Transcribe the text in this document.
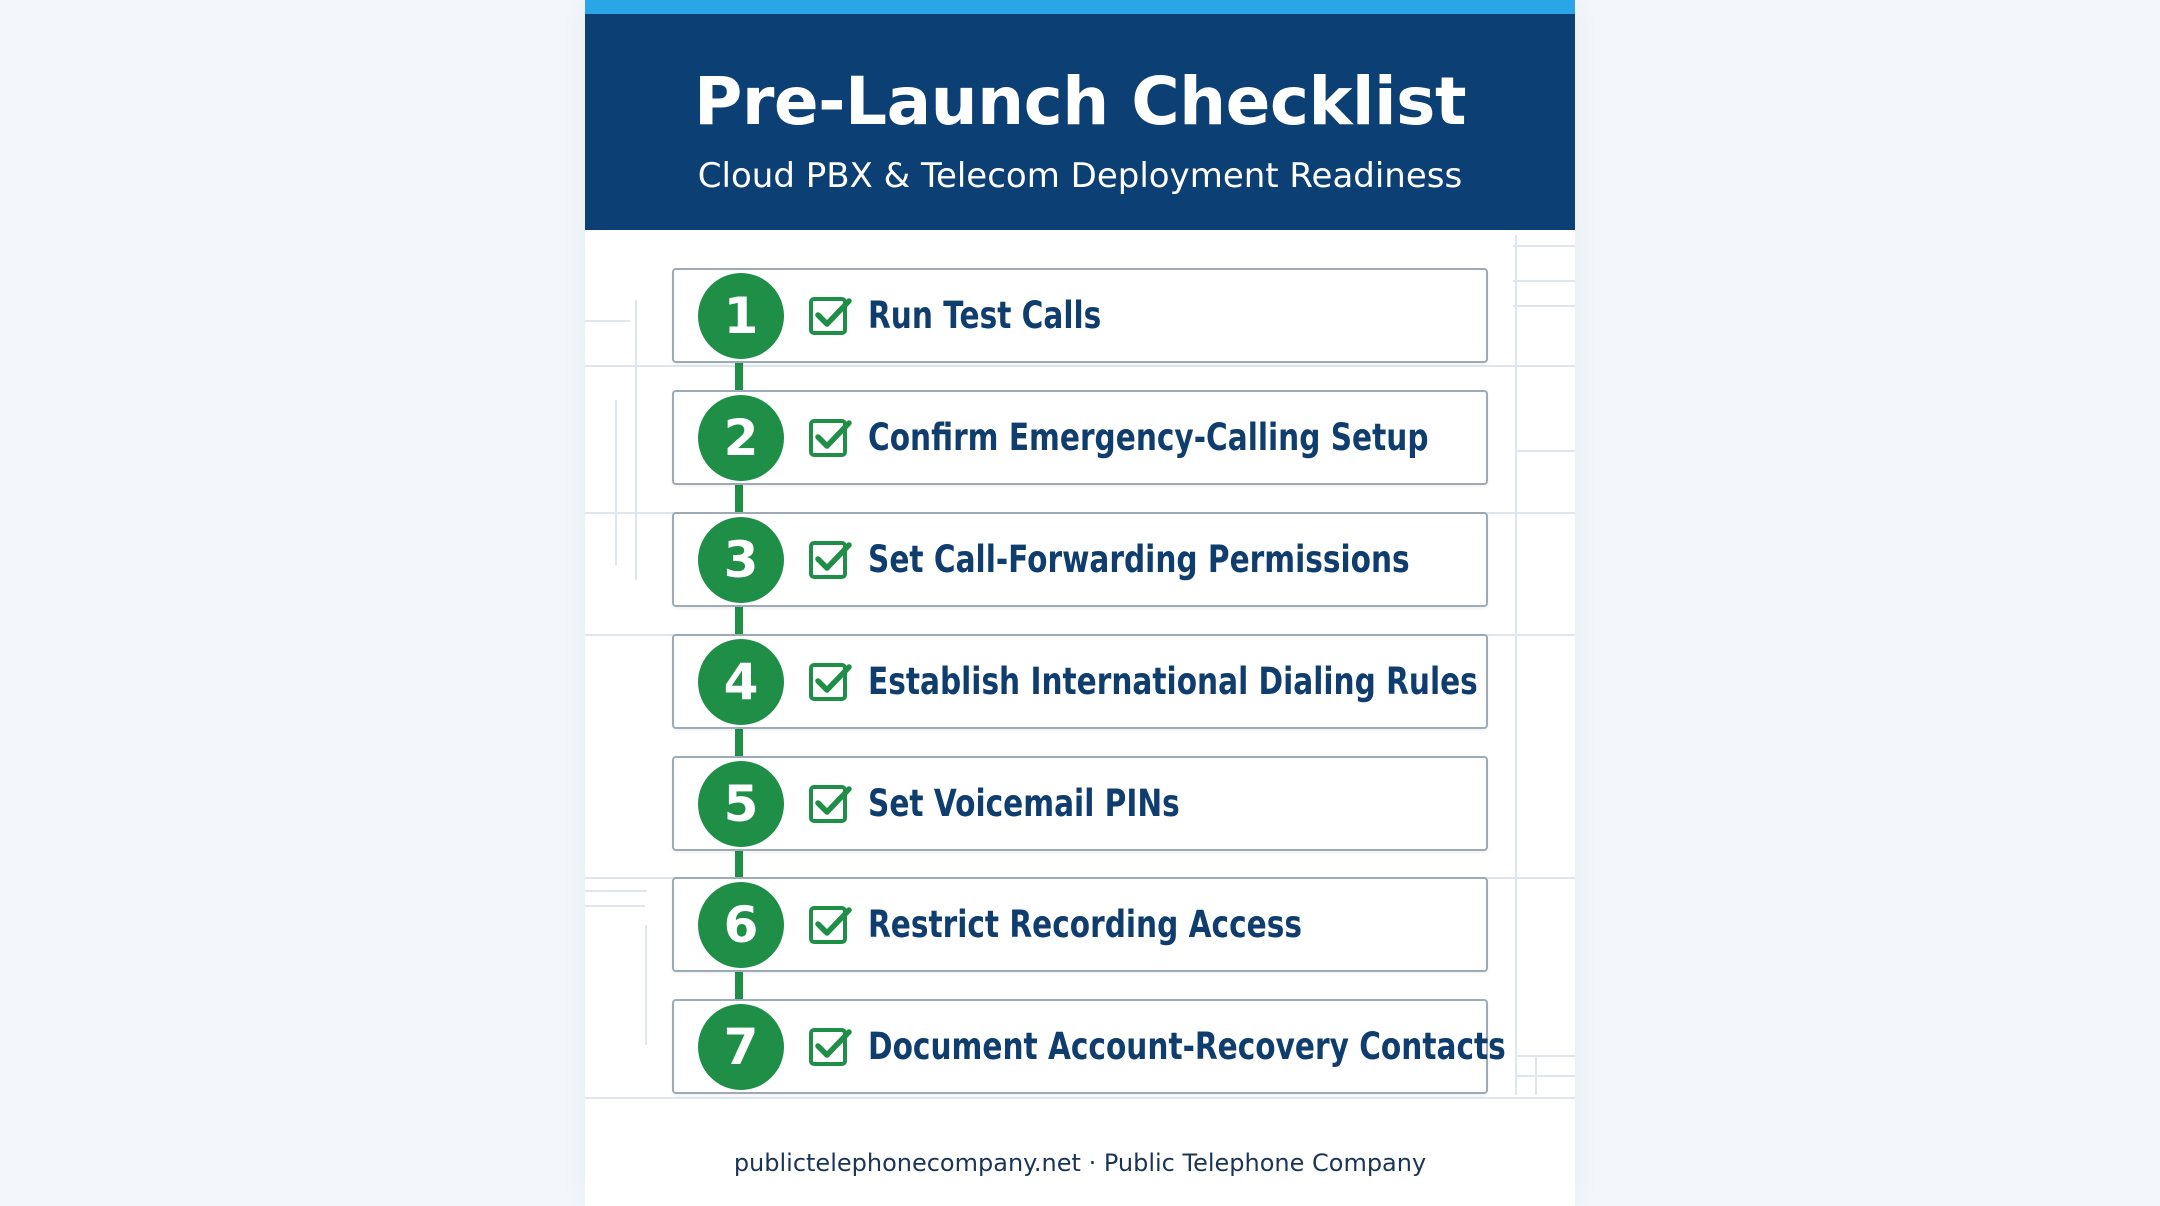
Pre-Launch Checklist
Cloud PBX & Telecom Deployment Readiness
1	Run Test Calls
2	Confirm Emergency-Calling Setup
3	Set Call-Forwarding Permissions
4	Establish International Dialing Rules
5	Set Voicemail PINs
6	Restrict Recording Access
7	Document Account-Recovery Contacts
publictelephonecompany.net · Public Telephone Company
